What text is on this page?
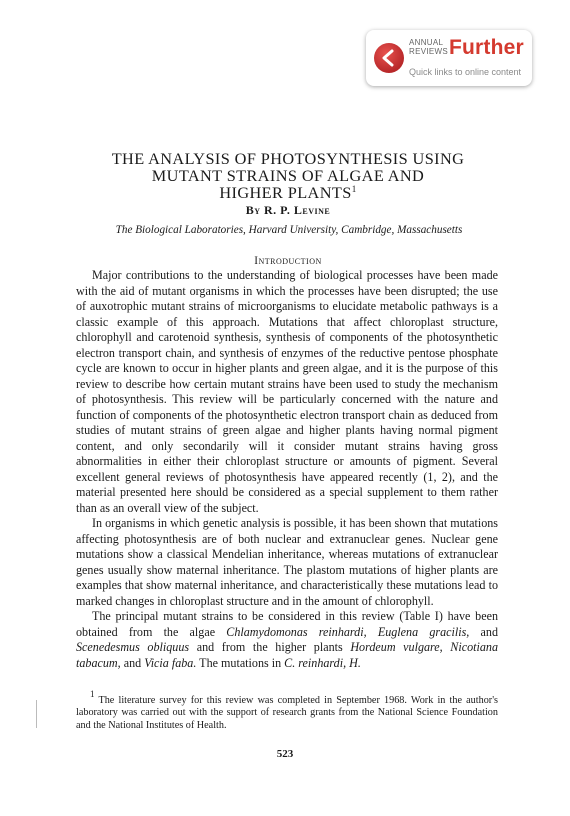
ANNUAL
REVIEWS Further
Quick links to online content
THE ANALYSIS OF PHOTOSYNTHESIS USING
MUTANT STRAINS OF ALGAE AND
HIGHER PLANTS$^1$
By R. P. Levine
The Biological Laboratories, Harvard University, Cambridge, Massachusetts
Introduction

Major contributions to the understanding of biological processes have been made with the aid of mutant organisms in which the processes have been disrupted; the use of auxotrophic mutant strains of microorganisms to elucidate metabolic pathways is a classic example of this approach. Mutations that affect chloroplast structure, chlorophyll and carotenoid synthesis, synthesis of components of the photosynthetic electron transport chain, and synthesis of enzymes of the reductive pentose phosphate cycle are known to occur in higher plants and green algae, and it is the purpose of this review to describe how certain mutant strains have been used to study the mechanism of photosynthesis. This review will be particularly concerned with the nature and function of components of the photosynthetic electron transport chain as deduced from studies of mutant strains of green algae and higher plants having normal pigment content, and only secondarily will it consider mutant strains having gross abnormalities in either their chloroplast structure or amounts of pigment. Several excellent general reviews of photosynthesis have appeared recently (1, 2), and the material presented here should be considered as a special supplement to them rather than as an overall view of the subject.

In organisms in which genetic analysis is possible, it has been shown that mutations affecting photosynthesis are of both nuclear and extranuclear genes. Nuclear gene mutations show a classical Mendelian inheritance, whereas mutations of extranuclear genes usually show maternal inheritance. The plastom mutations of higher plants are examples that show maternal inheritance, and characteristically these mutations lead to marked changes in chloroplast structure and in the amount of chlorophyll.

The principal mutant strains to be considered in this review (Table I) have been obtained from the algae Chlamydomonas reinhardi, Euglena gracilis, and Scenedesmus obliquus and from the higher plants Hordeum vulgare, Nicotiana tabacum, and Vicia faba. The mutations in C. reinhardi, H.

1 The literature survey for this review was completed in September 1968. Work in the author's laboratory was carried out with the support of research grants from the National Science Foundation and the National Institutes of Health.

523
